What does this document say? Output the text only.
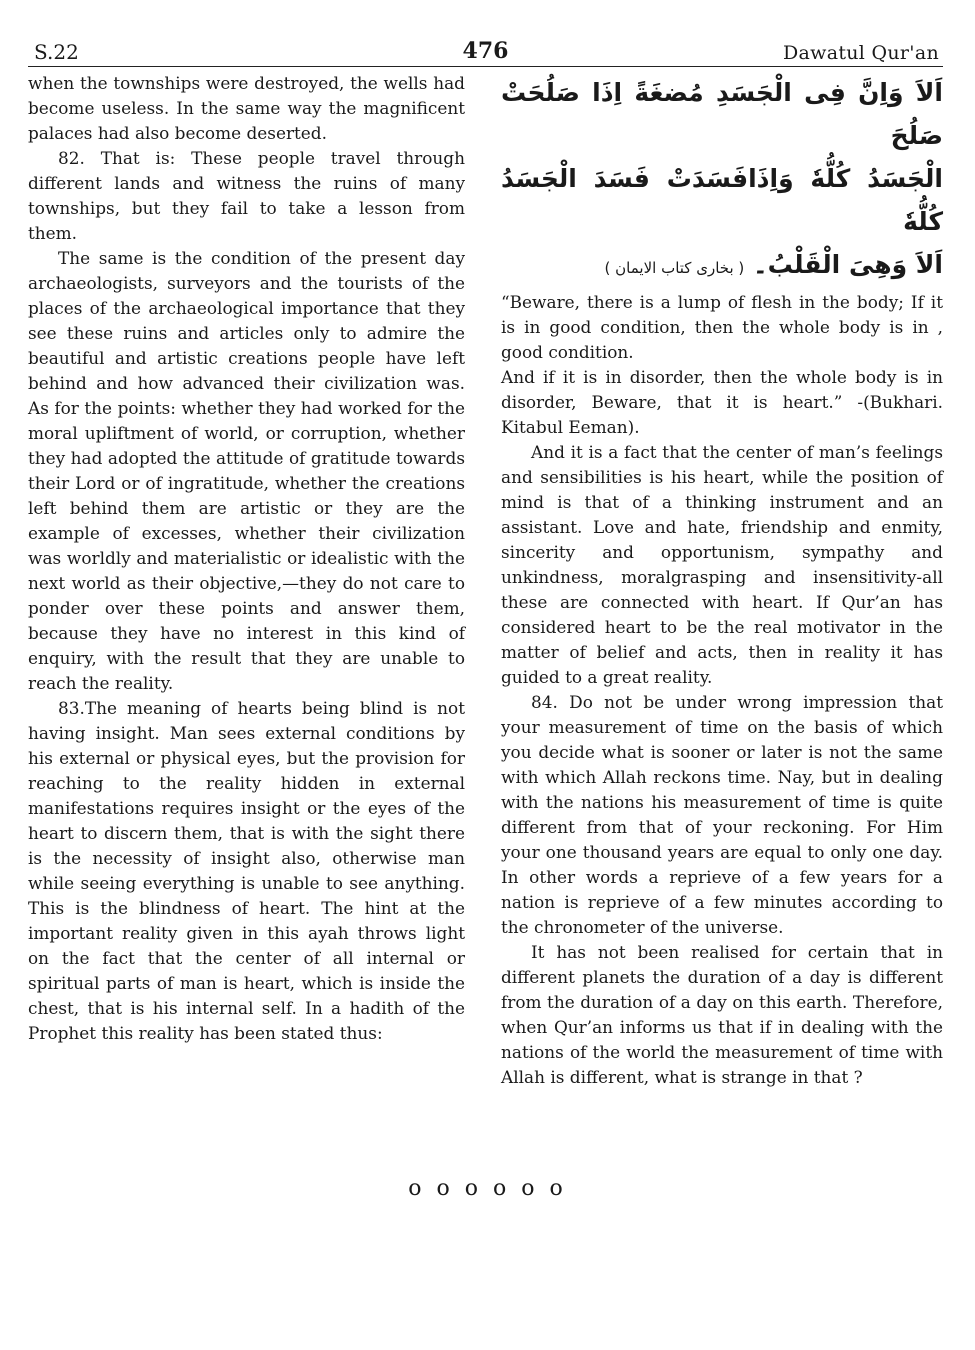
S.22	476	Dawatul Qur'an

when the townships were destroyed, the wells had become useless. In the same way the magnificent palaces had also become deserted.

82. That is: These people travel through different lands and witness the ruins of many townships, but they fail to take a lesson from them.

The same is the condition of the present day archaeologists, surveyors and the tourists of the places of the archaeological importance that they see these ruins and articles only to admire the beautiful and artistic creations people have left behind and how advanced their civilization was. As for the points: whether they had worked for the moral upliftment of world, or corruption, whether they had adopted the attitude of gratitude towards their Lord or of ingratitude, whether the creations left behind them are artistic or they are the example of excesses, whether their civilization was worldly and materialistic or idealistic with the next world as their objective,—they do not care to ponder over these points and answer them, because they have no interest in this kind of enquiry, with the result that they are unable to reach the reality.

83.The meaning of hearts being blind is not having insight. Man sees external conditions by his external or physical eyes, but the provision for reaching to the reality hidden in external manifestations requires insight or the eyes of the heart to discern them, that is with the sight there is the necessity of insight also, otherwise man while seeing everything is unable to see anything. This is the blindness of heart. The hint at the important reality given in this ayah throws light on the fact that the center of all internal or spiritual parts of man is heart, which is inside the chest, that is his internal self. In a hadith of the Prophet this reality has been stated thus:

اَلاَ وَاِنَّ فِی الْجَسَدِ مُضغَةً اِذَا صَلُحَتْ صَلُحَ

الْجَسَدُ کُلُّهٗ وَاِذَافَسَدَتْ فَسَدَ الْجَسَدُ کُلُّهٗ

اَلاَ وَهِیَ الْقَلْبُ۔ ( بخاری کتاب الایمان )

“Beware, there is a lump of flesh in the body; If it is in good condition, then the whole body is in , good condition.

And if it is in disorder, then the whole body is in disorder, Beware, that it is heart.” -(Bukhari. Kitabul Eeman).

And it is a fact that the center of man’s feelings and sensibilities is his heart, while the position of mind is that of a thinking instrument and an assistant. Love and hate, friendship and enmity, sincerity and opportunism, sympathy and unkindness, moralgrasping and insensitivity-all these are connected with heart. If Qur’an has considered heart to be the real motivator in the matter of belief and acts, then in reality it has guided to a great reality.

84. Do not be under wrong impression that your measurement of time on the basis of which you decide what is sooner or later is not the same with which Allah reckons time. Nay, but in dealing with the nations his measurement of time is quite different from that of your reckoning. For Him your one thousand years are equal to only one day. In other words a reprieve of a few years for a nation is reprieve of a few minutes according to the chronometer of the universe.

It has not been realised for certain that in different planets the duration of a day is different from the duration of a day on this earth. Therefore, when Qur’an informs us that if in dealing with the nations of the world the measurement of time with Allah is different, what is strange in that ?

o o o o o o
